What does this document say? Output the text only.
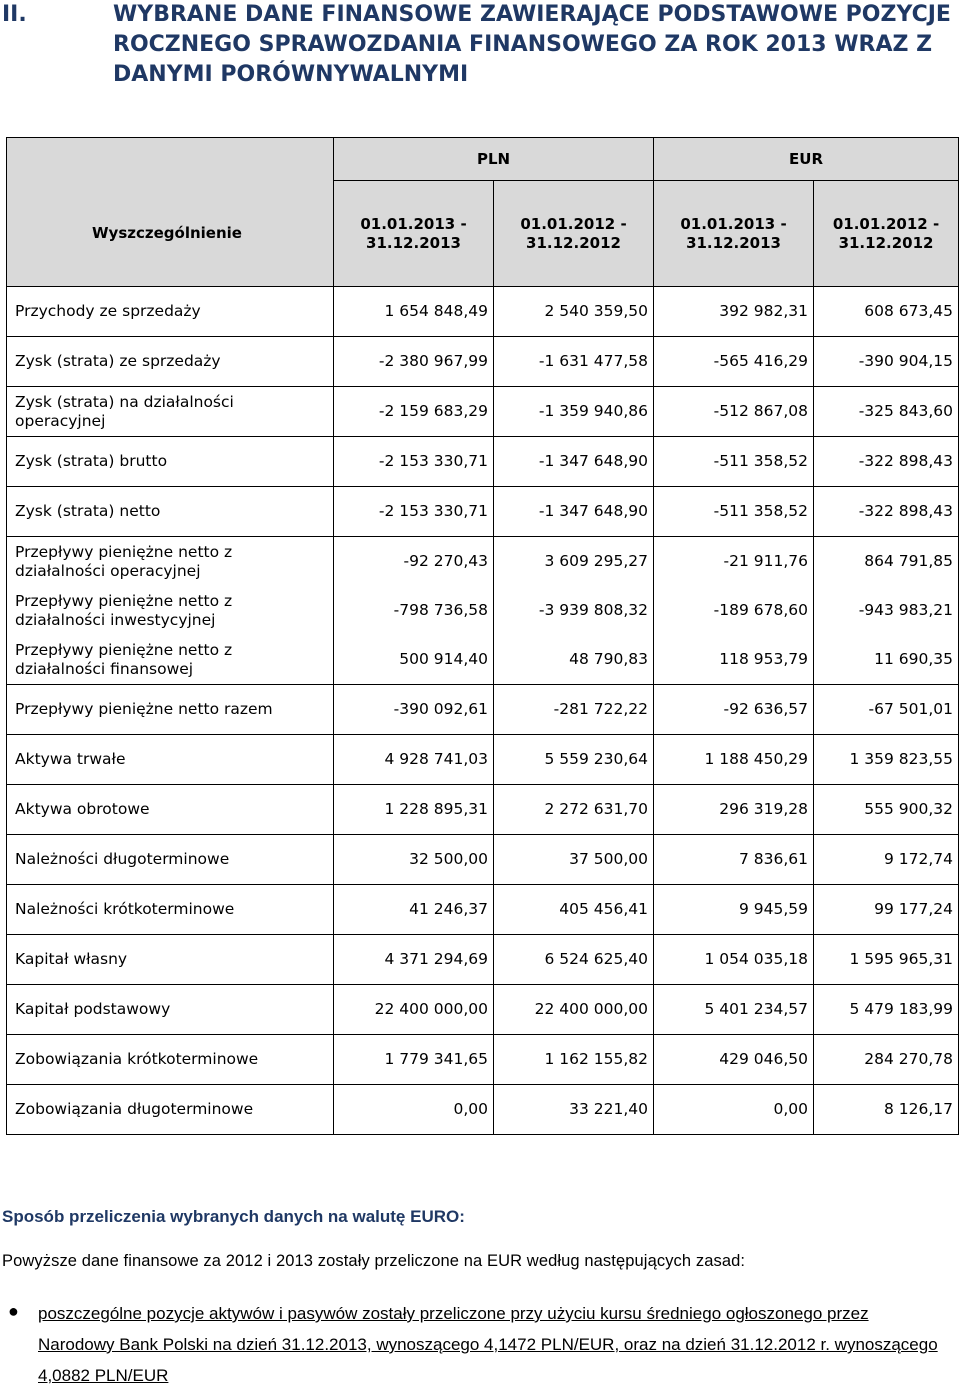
II.	WYBRANE DANE FINANSOWE ZAWIERAJĄCE PODSTAWOWE POZYCJE ROCZNEGO SPRAWOZDANIA FINANSOWEGO ZA ROK 2013 WRAZ Z DANYMI PORÓWNYWALNYMI
	PLN		EUR	
Wyszczególnienie	01.01.2013 - 31.12.2013	01.01.2012 - 31.12.2012	01.01.2013 - 31.12.2013	01.01.2012 - 31.12.2012
Przychody ze sprzedaży	1 654 848,49	2 540 359,50	392 982,31	608 673,45
Zysk (strata) ze sprzedaży	-2 380 967,99	-1 631 477,58	-565 416,29	-390 904,15
Zysk (strata) na działalności operacyjnej	-2 159 683,29	-1 359 940,86	-512 867,08	-325 843,60
Zysk (strata) brutto	-2 153 330,71	-1 347 648,90	-511 358,52	-322 898,43
Zysk (strata) netto	-2 153 330,71	-1 347 648,90	-511 358,52	-322 898,43
Przepływy pieniężne netto z działalności operacyjnej	-92 270,43	3 609 295,27	-21 911,76	864 791,85
Przepływy pieniężne netto z działalności inwestycyjnej	-798 736,58	-3 939 808,32	-189 678,60	-943 983,21
Przepływy pieniężne netto z działalności finansowej	500 914,40	48 790,83	118 953,79	11 690,35
Przepływy pieniężne netto razem	-390 092,61	-281 722,22	-92 636,57	-67 501,01
Aktywa trwałe	4 928 741,03	5 559 230,64	1 188 450,29	1 359 823,55
Aktywa obrotowe	1 228 895,31	2 272 631,70	296 319,28	555 900,32
Należności długoterminowe	32 500,00	37 500,00	7 836,61	9 172,74
Należności krótkoterminowe	41 246,37	405 456,41	9 945,59	99 177,24
Kapitał własny	4 371 294,69	6 524 625,40	1 054 035,18	1 595 965,31
Kapitał podstawowy	22 400 000,00	22 400 000,00	5 401 234,57	5 479 183,99
Zobowiązania krótkoterminowe	1 779 341,65	1 162 155,82	429 046,50	284 270,78
Zobowiązania długoterminowe	0,00	33 221,40	0,00	8 126,17
Sposób przeliczenia wybranych danych na walutę EURO:
Powyższe dane finansowe za 2012 i 2013 zostały przeliczone na EUR według następujących zasad:
● poszczególne pozycje aktywów i pasywów zostały przeliczone przy użyciu kursu średniego ogłoszonego przez Narodowy Bank Polski na dzień 31.12.2013, wynoszącego 4,1472 PLN/EUR, oraz na dzień 31.12.2012 r. wynoszącego 4,0882 PLN/EUR
